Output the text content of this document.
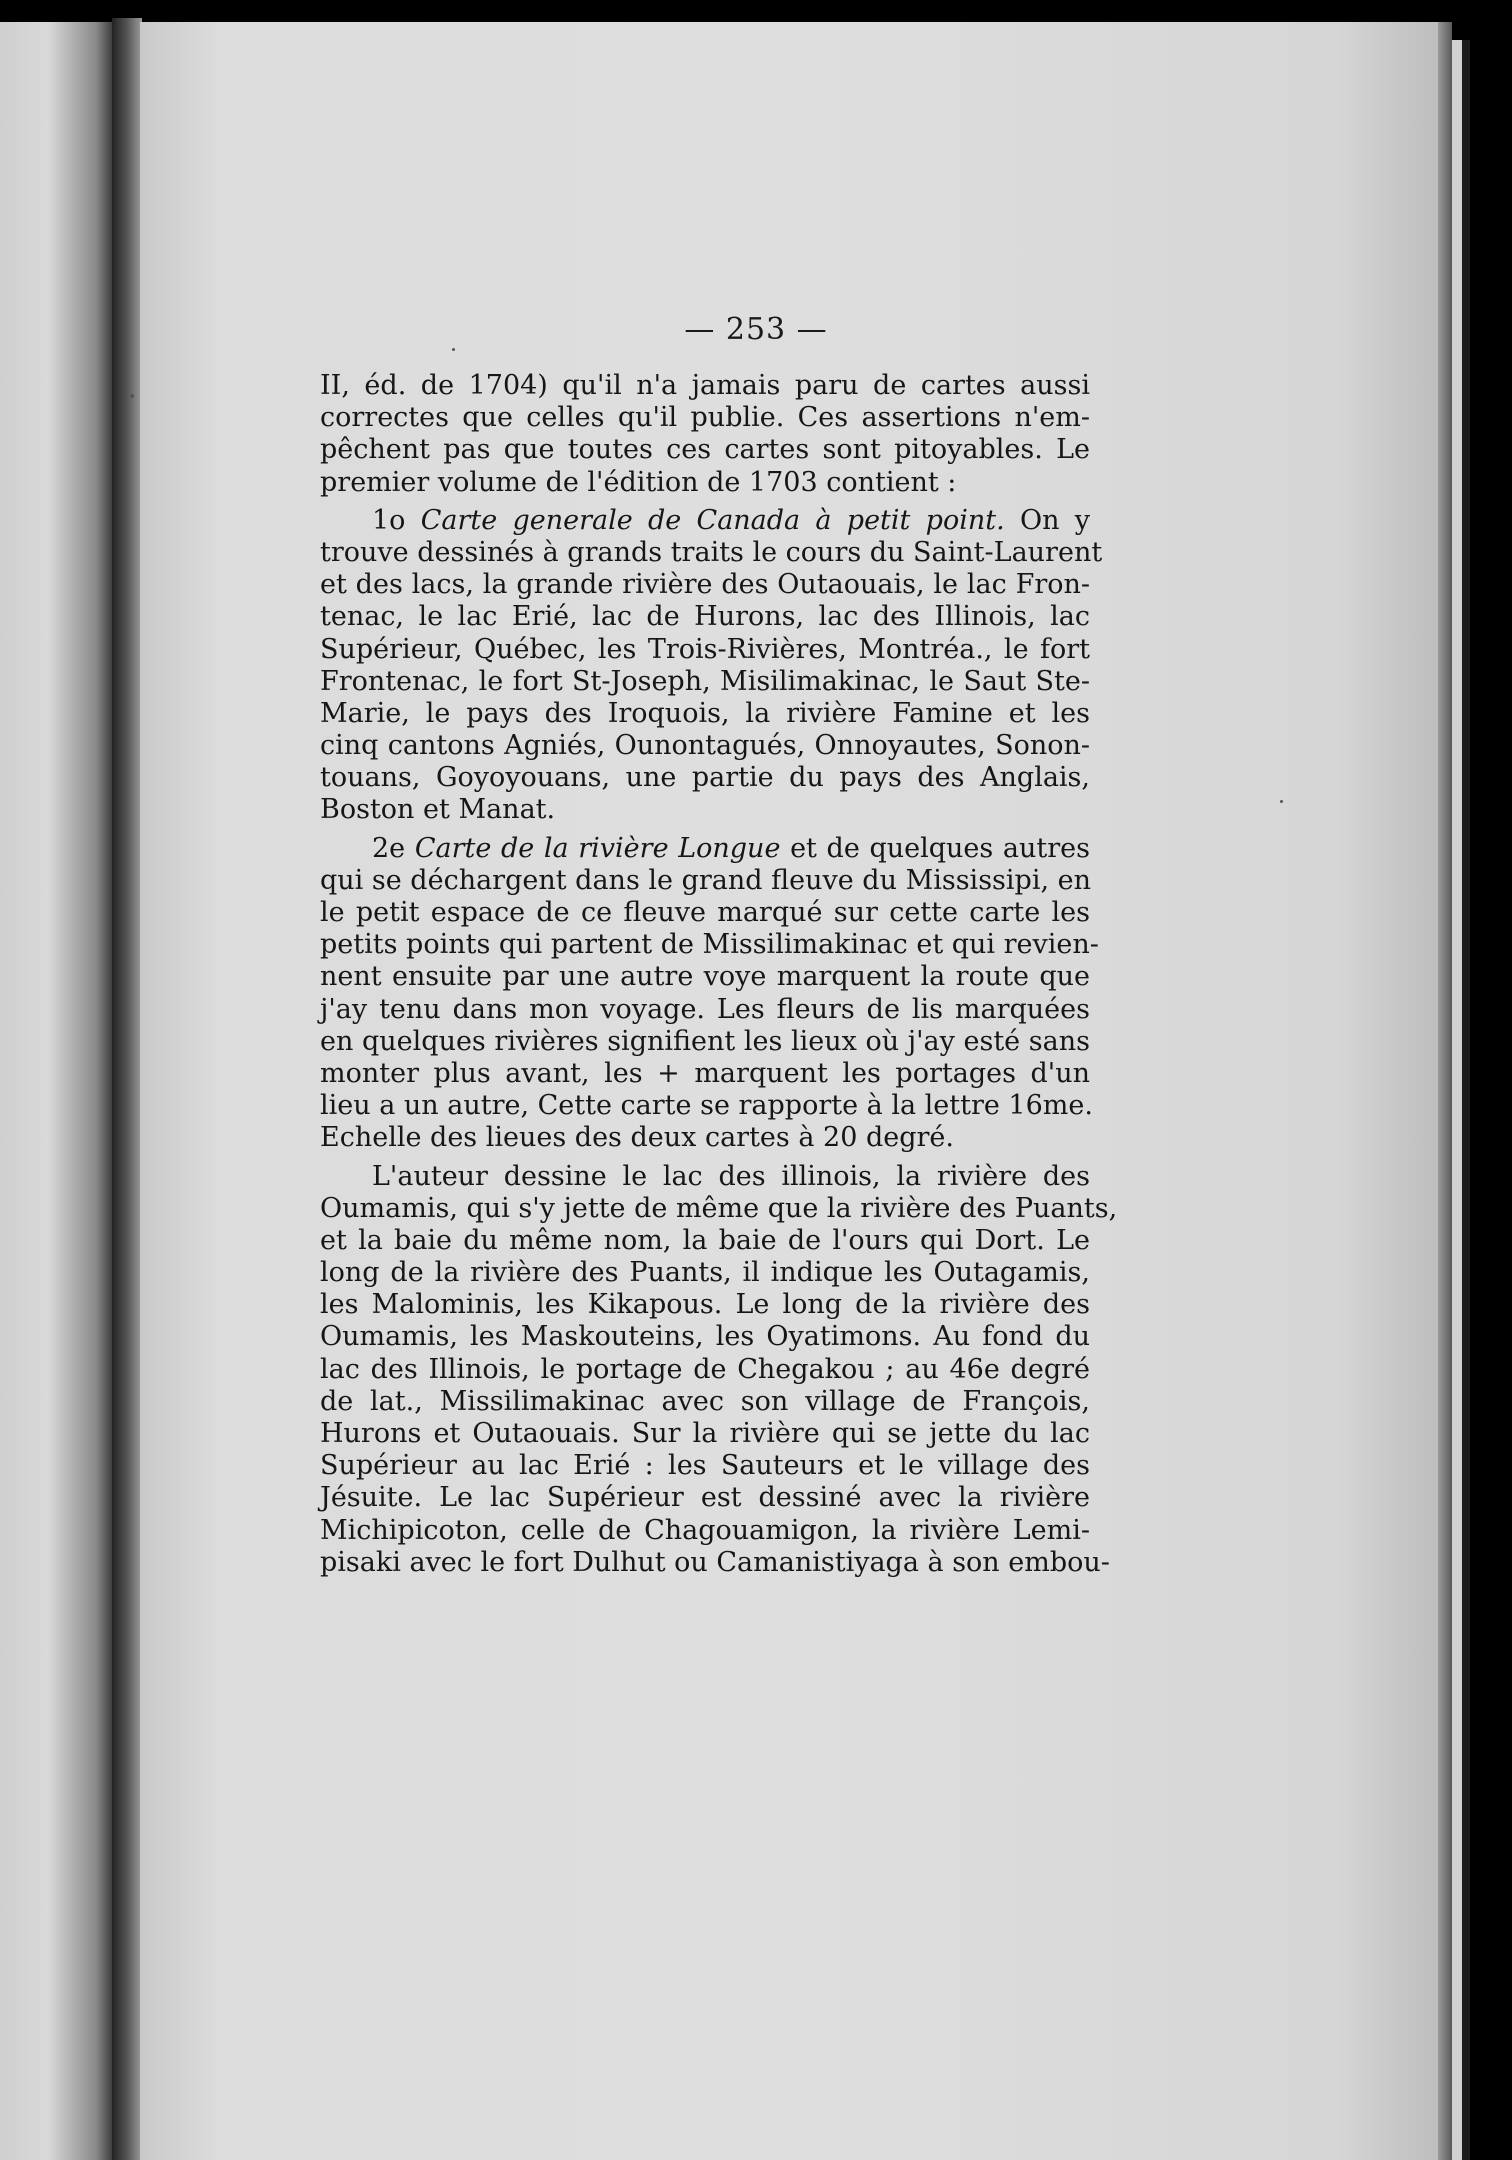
— 253 —
II, éd. de 1704) qu'il n'a jamais paru de cartes aussi
correctes que celles qu'il publie. Ces assertions n'em-
pêchent pas que toutes ces cartes sont pitoyables. Le
premier volume de l'édition de 1703 contient :
1o Carte generale de Canada à petit point. On y
trouve dessinés à grands traits le cours du Saint-Laurent
et des lacs, la grande rivière des Outaouais, le lac Fron-
tenac, le lac Erié, lac de Hurons, lac des Illinois, lac
Supérieur, Québec, les Trois-Rivières, Montréa., le fort
Frontenac, le fort St-Joseph, Misilimakinac, le Saut Ste-
Marie, le pays des Iroquois, la rivière Famine et les
cinq cantons Agniés, Ounontagués, Onnoyautes, Sonon-
touans, Goyoyouans, une partie du pays des Anglais,
Boston et Manat.
2e Carte de la rivière Longue et de quelques autres
qui se déchargent dans le grand fleuve du Mississipi, en
le petit espace de ce fleuve marqué sur cette carte les
petits points qui partent de Missilimakinac et qui revien-
nent ensuite par une autre voye marquent la route que
j'ay tenu dans mon voyage. Les fleurs de lis marquées
en quelques rivières signifient les lieux où j'ay esté sans
monter plus avant, les + marquent les portages d'un
lieu a un autre, Cette carte se rapporte à la lettre 16me.
Echelle des lieues des deux cartes à 20 degré.
L'auteur dessine le lac des illinois, la rivière des
Oumamis, qui s'y jette de même que la rivière des Puants,
et la baie du même nom, la baie de l'ours qui Dort. Le
long de la rivière des Puants, il indique les Outagamis,
les Malominis, les Kikapous. Le long de la rivière des
Oumamis, les Maskouteins, les Oyatimons. Au fond du
lac des Illinois, le portage de Chegakou ; au 46e degré
de lat., Missilimakinac avec son village de François,
Hurons et Outaouais. Sur la rivière qui se jette du lac
Supérieur au lac Erié : les Sauteurs et le village des
Jésuite. Le lac Supérieur est dessiné avec la rivière
Michipicoton, celle de Chagouamigon, la rivière Lemi-
pisaki avec le fort Dulhut ou Camanistiyaga à son embou-
